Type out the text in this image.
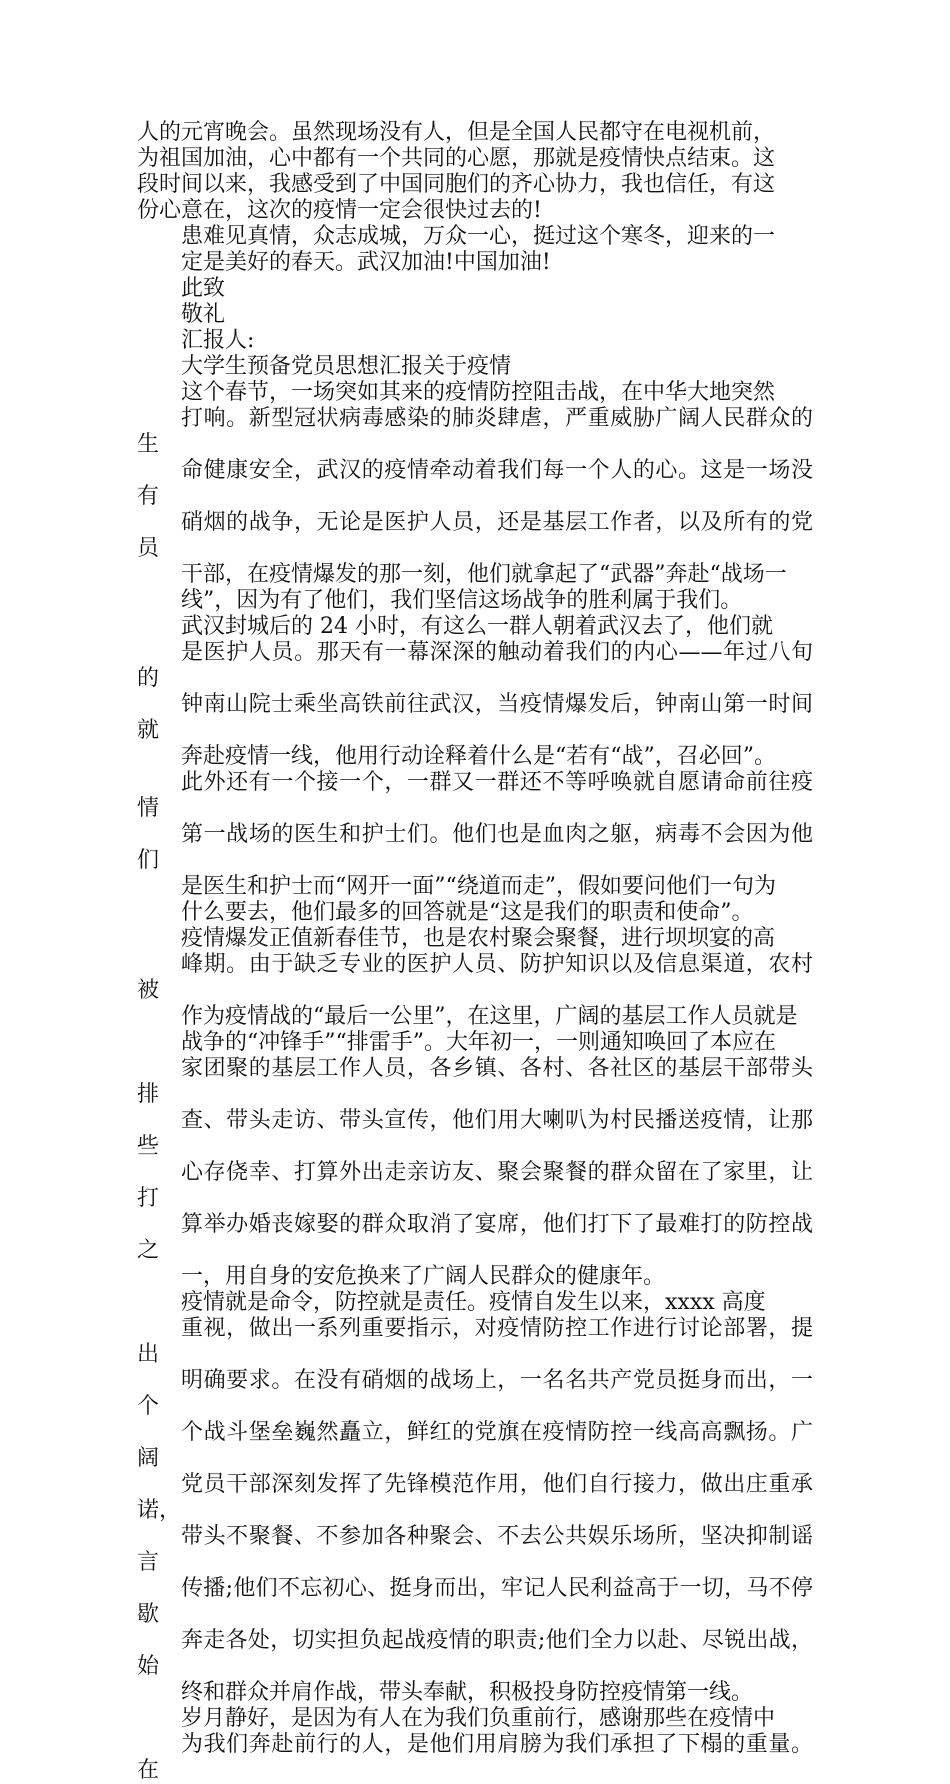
人的元宵晚会。虽然现场没有人，但是全国人民都守在电视机前，
为祖国加油，心中都有一个共同的心愿，那就是疫情快点结束。这
段时间以来，我感受到了中国同胞们的齐心协力，我也信任，有这
份心意在，这次的疫情一定会很快过去的!

患难见真情，众志成城，万众一心，挺过这个寒冬，迎来的一
定是美好的春天。武汉加油!中国加油!

此致

敬礼

汇报人:

大学生预备党员思想汇报关于疫情

这个春节，一场突如其来的疫情防控阻击战，在中华大地突然
打响。新型冠状病毒感染的肺炎肆虐，严重威胁广阔人民群众的生
命健康安全，武汉的疫情牵动着我们每一个人的心。这是一场没有
硝烟的战争，无论是医护人员，还是基层工作者，以及所有的党员
干部，在疫情爆发的那一刻，他们就拿起了“武器”奔赴“战场一
线”，因为有了他们，我们坚信这场战争的胜利属于我们。

武汉封城后的 24 小时，有这么一群人朝着武汉去了，他们就
是医护人员。那天有一幕深深的触动着我们的内心——年过八旬的
钟南山院士乘坐高铁前往武汉，当疫情爆发后，钟南山第一时间就
奔赴疫情一线，他用行动诠释着什么是“若有“战”，召必回”。
此外还有一个接一个，一群又一群还不等呼唤就自愿请命前往疫情
第一战场的医生和护士们。他们也是血肉之躯，病毒不会因为他们
是医生和护士而“网开一面”“绕道而走”，假如要问他们一句为
什么要去，他们最多的回答就是“这是我们的职责和使命”。

疫情爆发正值新春佳节，也是农村聚会聚餐，进行坝坝宴的高
峰期。由于缺乏专业的医护人员、防护知识以及信息渠道，农村被
作为疫情战的“最后一公里”，在这里，广阔的基层工作人员就是
战争的“冲锋手”“排雷手”。大年初一，一则通知唤回了本应在
家团聚的基层工作人员，各乡镇、各村、各社区的基层干部带头排
查、带头走访、带头宣传，他们用大喇叭为村民播送疫情，让那些
心存侥幸、打算外出走亲访友、聚会聚餐的群众留在了家里，让打
算举办婚丧嫁娶的群众取消了宴席，他们打下了最难打的防控战之
一，用自身的安危换来了广阔人民群众的健康年。

疫情就是命令，防控就是责任。疫情自发生以来，xxxx 高度
重视，做出一系列重要指示，对疫情防控工作进行讨论部署，提出
明确要求。在没有硝烟的战场上，一名名共产党员挺身而出，一个
个战斗堡垒巍然矗立，鲜红的党旗在疫情防控一线高高飘扬。广阔
党员干部深刻发挥了先锋模范作用，他们自行接力，做出庄重承诺，
带头不聚餐、不参加各种聚会、不去公共娱乐场所，坚决抑制谣言
传播;他们不忘初心、挺身而出，牢记人民利益高于一切，马不停歇
奔走各处，切实担负起战疫情的职责;他们全力以赴、尽锐出战，始
终和群众并肩作战，带头奉献，积极投身防控疫情第一线。

岁月静好，是因为有人在为我们负重前行，感谢那些在疫情中
为我们奔赴前行的人，是他们用肩膀为我们承担了下榻的重量。在
